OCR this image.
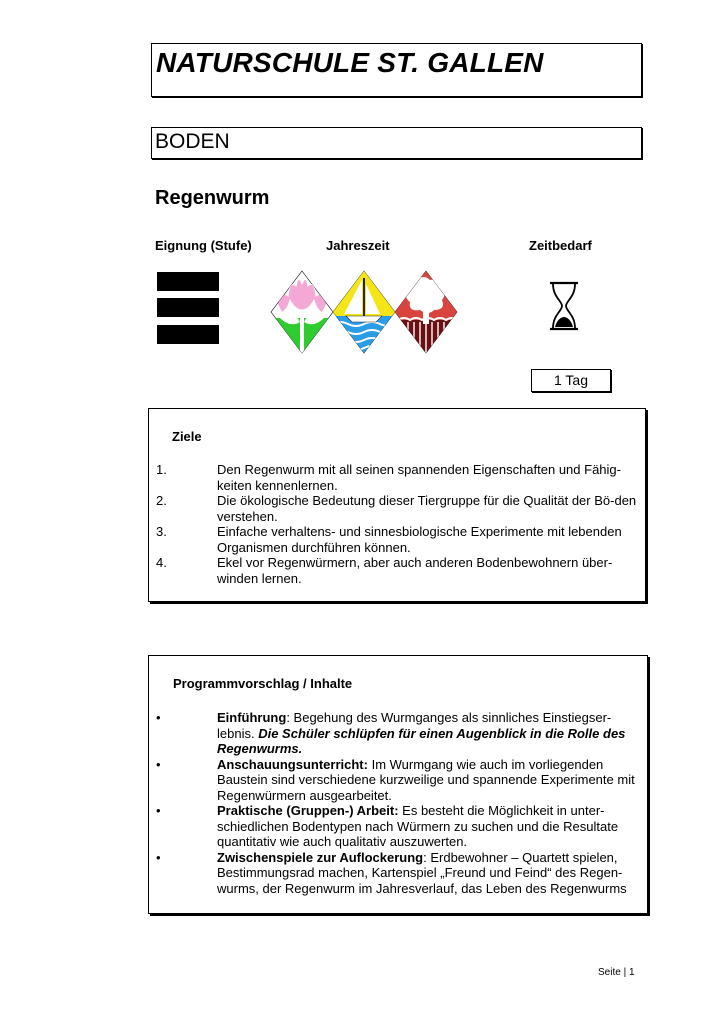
NATURSCHULE ST. GALLEN
BODEN
Regenwurm
Eignung (Stufe)	Jahreszeit	Zeitbedarf
1 Tag
Ziele
1.	Den Regenwurm mit all seinen spannenden Eigenschaften und Fähig-keiten kennenlernen.
2.	Die ökologische Bedeutung dieser Tiergruppe für die Qualität der Bö-den verstehen.
3.	Einfache verhaltens- und sinnesbiologische Experimente mit lebenden Organismen durchführen können.
4.	Ekel vor Regenwürmern, aber auch anderen Bodenbewohnern über-winden lernen.
Programmvorschlag / Inhalte
•	Einführung: Begehung des Wurmganges als sinnliches Einstiegser-lebnis. Die Schüler schlüpfen für einen Augenblick in die Rolle des Regenwurms.
•	Anschauungsunterricht: Im Wurmgang wie auch im vorliegenden Baustein sind verschiedene kurzweilige und spannende Experimente mit Regenwürmern ausgearbeitet.
•	Praktische (Gruppen-) Arbeit: Es besteht die Möglichkeit in unter-schiedlichen Bodentypen nach Würmern zu suchen und die Resultate quantitativ wie auch qualitativ auszuwerten.
•	Zwischenspiele zur Auflockerung: Erdbewohner – Quartett spielen, Bestimmungsrad machen, Kartenspiel „Freund und Feind“ des Regen-wurms, der Regenwurm im Jahresverlauf, das Leben des Regenwurms
Seite | 1
